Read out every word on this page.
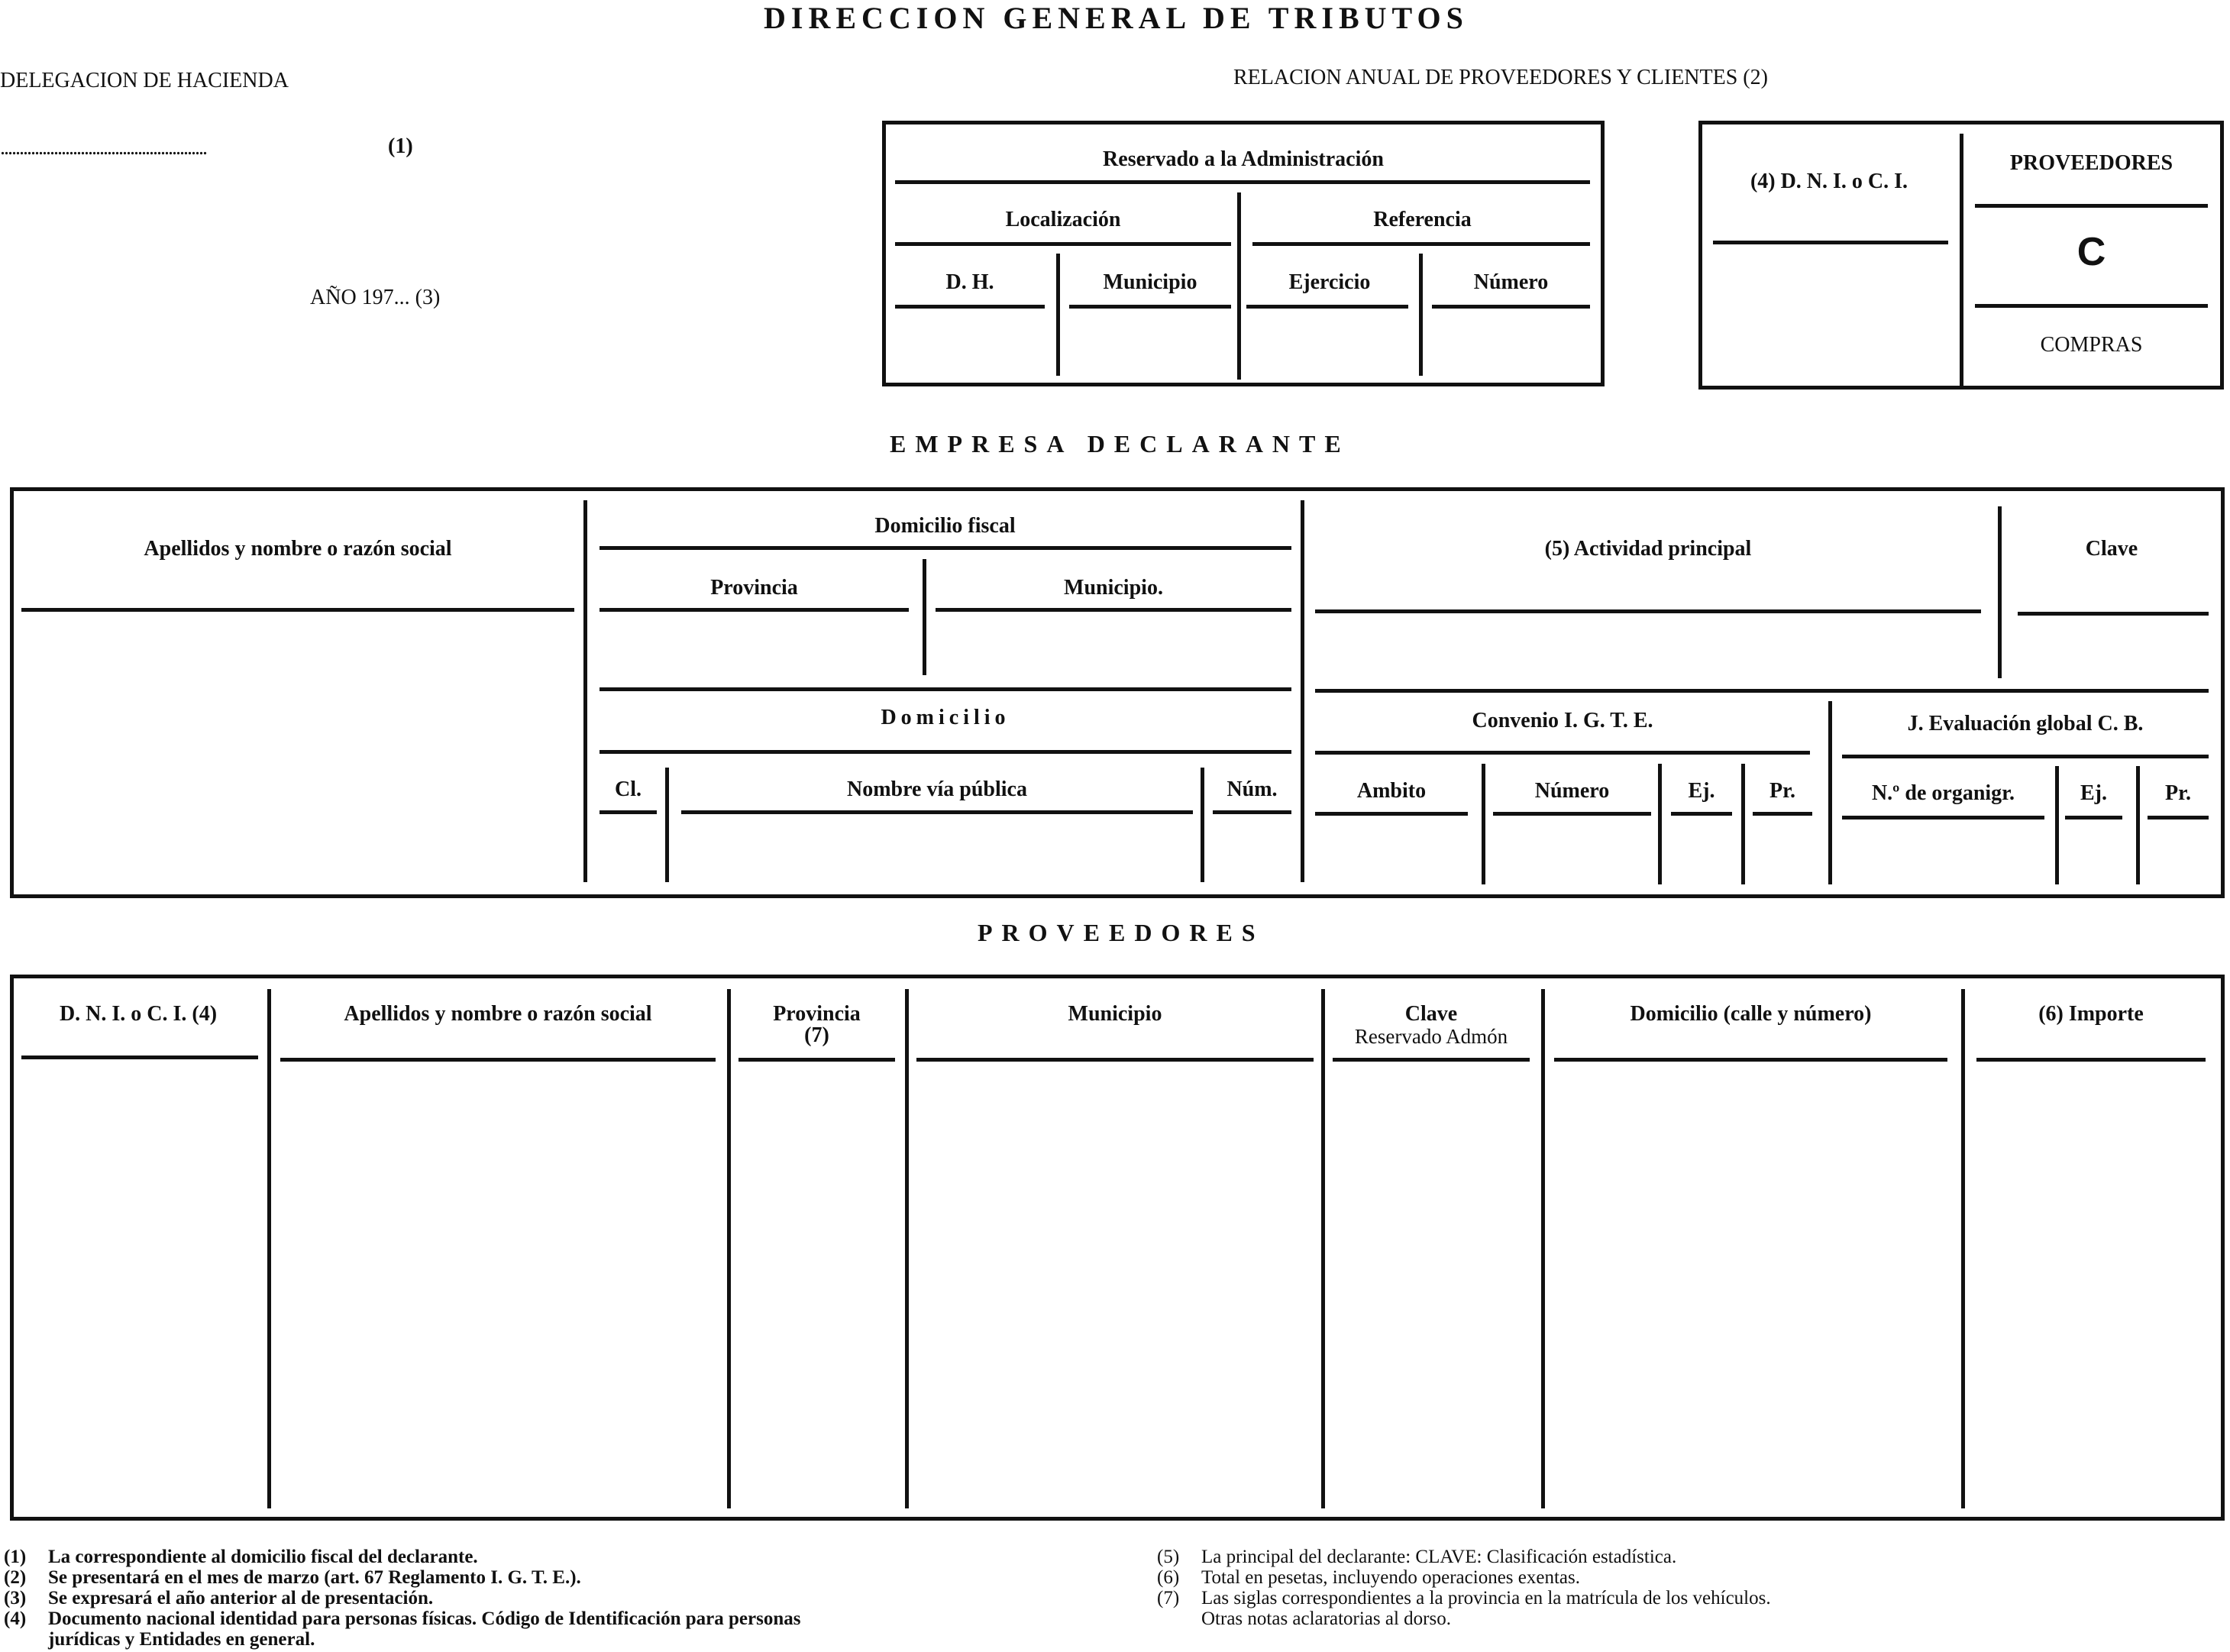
DIRECCION GENERAL DE TRIBUTOS
DELEGACION DE HACIENDA
......................................................	(1)
RELACION ANUAL DE PROVEEDORES Y CLIENTES (2)
AÑO 197... (3)
Reservado a la Administración
Localización	Referencia
D. H.	Municipio	Ejercicio	Número
(4) D. N. I. o C. I.
PROVEEDORES
C
COMPRAS
EMPRESA DECLARANTE
Apellidos y nombre o razón social
Domicilio fiscal
Provincia	Municipio.
(5) Actividad principal	Clave
Domicilio
Cl.	Nombre vía pública	Núm.
Convenio I. G. T. E.	J. Evaluación global C. B.
Ambito	Número	Ej.	Pr.	N.º de organigr.	Ej.	Pr.
PROVEEDORES
D. N. I. o C. I. (4)	Apellidos y nombre o razón social	Provincia
(7)
Municipio	Clave
Reservado Admón
Domicilio (calle y número)	(6) Importe
(1)	La correspondiente al domicilio fiscal del declarante.
(2)	Se presentará en el mes de marzo (art. 67 Reglamento I. G. T. E.).
(3)	Se expresará el año anterior al de presentación.
(4)	Documento nacional identidad para personas físicas. Código de Identificación para personas
jurídicas y Entidades en general.
(5)	La principal del declarante: CLAVE: Clasificación estadística.
(6)	Total en pesetas, incluyendo operaciones exentas.
(7)	Las siglas correspondientes a la provincia en la matrícula de los vehículos.
Otras notas aclaratorias al dorso.
